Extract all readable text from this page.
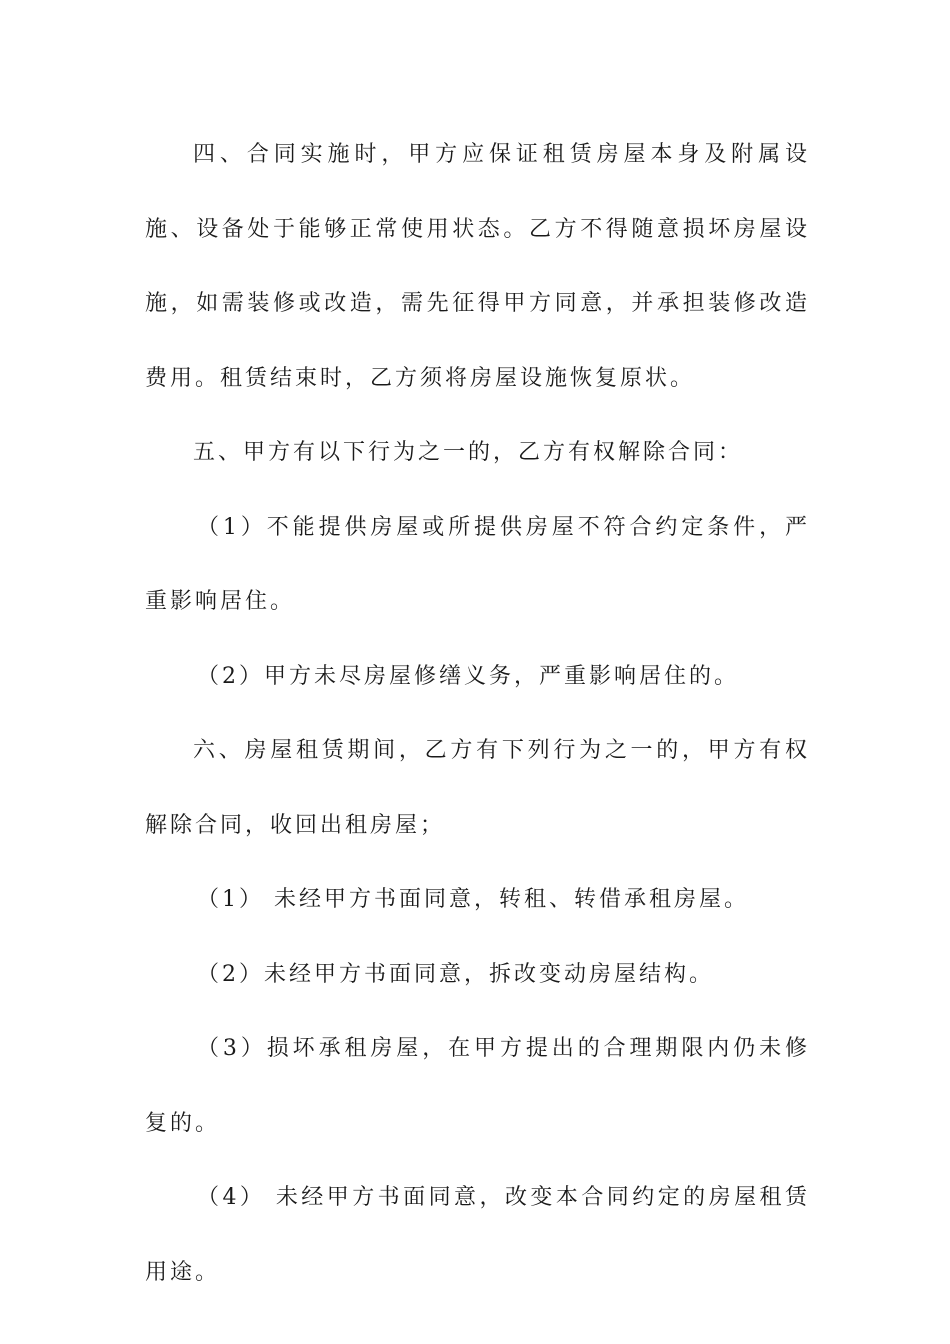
四、合同实施时，甲方应保证租赁房屋本身及附属设施、设备处于能够正常使用状态。乙方不得随意损坏房屋设施，如需装修或改造，需先征得甲方同意，并承担装修改造费用。租赁结束时，乙方须将房屋设施恢复原状。

五、甲方有以下行为之一的，乙方有权解除合同：

（1）不能提供房屋或所提供房屋不符合约定条件，严重影响居住。

（2）甲方未尽房屋修缮义务，严重影响居住的。

六、房屋租赁期间，乙方有下列行为之一的，甲方有权解除合同，收回出租房屋；

（1） 未经甲方书面同意，转租、转借承租房屋。

（2）未经甲方书面同意，拆改变动房屋结构。

（3）损坏承租房屋，在甲方提出的合理期限内仍未修复的。

（4） 未经甲方书面同意，改变本合同约定的房屋租赁用途。
